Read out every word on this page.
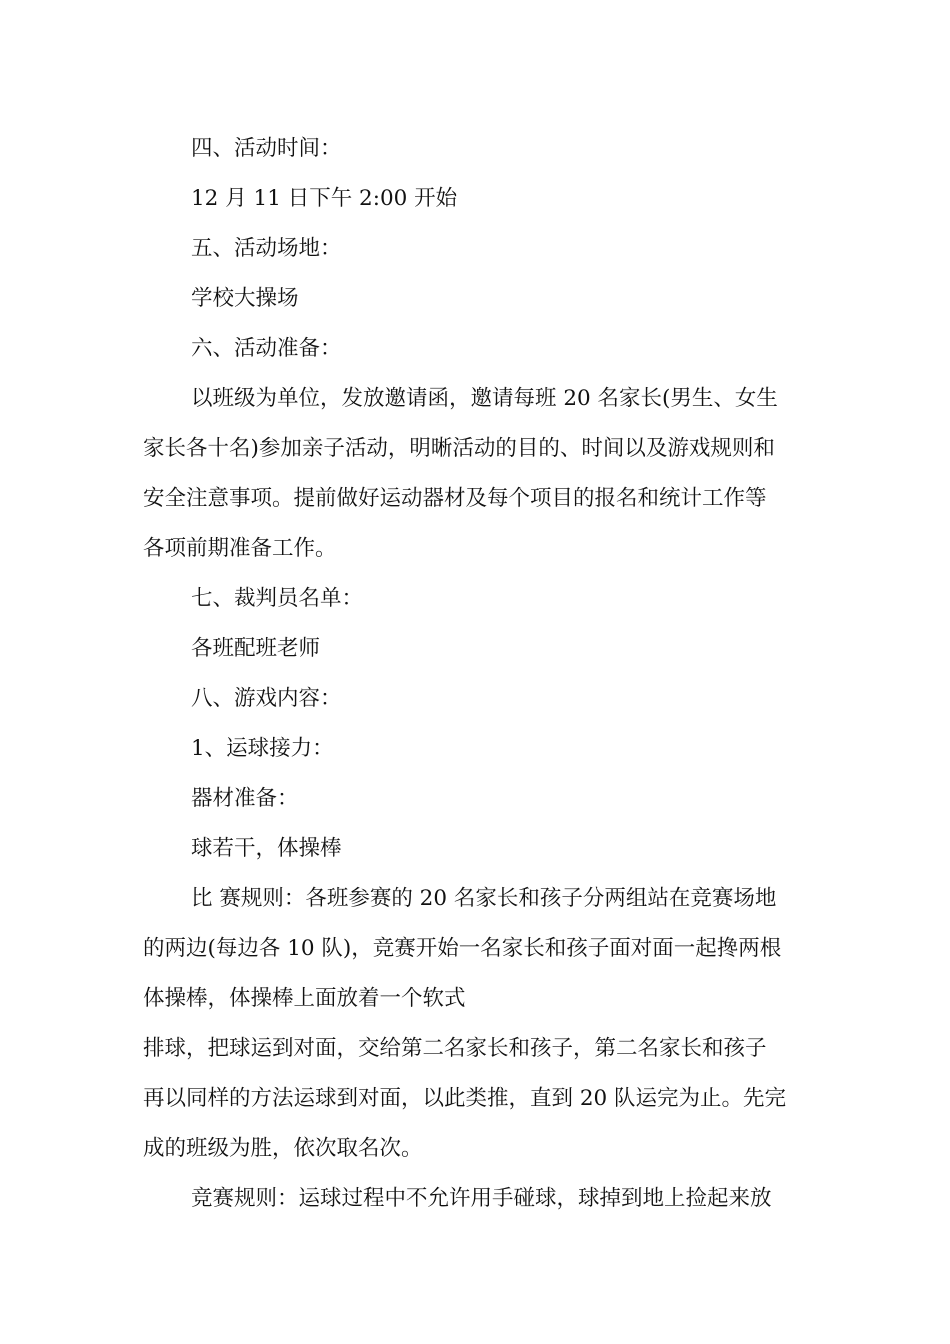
四、活动时间：

12 月 11 日下午 2:00 开始

五、活动场地：

学校大操场

六、活动准备：

以班级为单位，发放邀请函，邀请每班 20 名家长(男生、女生

家长各十名)参加亲子活动，明晰活动的目的、时间以及游戏规则和

安全注意事项。提前做好运动器材及每个项目的报名和统计工作等

各项前期准备工作。

七、裁判员名单：

各班配班老师

八、游戏内容：

1、运球接力：

器材准备：

球若干，体操棒

比 赛规则：各班参赛的 20 名家长和孩子分两组站在竞赛场地

的两边(每边各 10 队)，竞赛开始一名家长和孩子面对面一起搀两根

体操棒，体操棒上面放着一个软式

排球，把球运到对面，交给第二名家长和孩子，第二名家长和孩子

再以同样的方法运球到对面，以此类推，直到 20 队运完为止。先完

成的班级为胜，依次取名次。

竞赛规则：运球过程中不允许用手碰球，球掉到地上捡起来放
